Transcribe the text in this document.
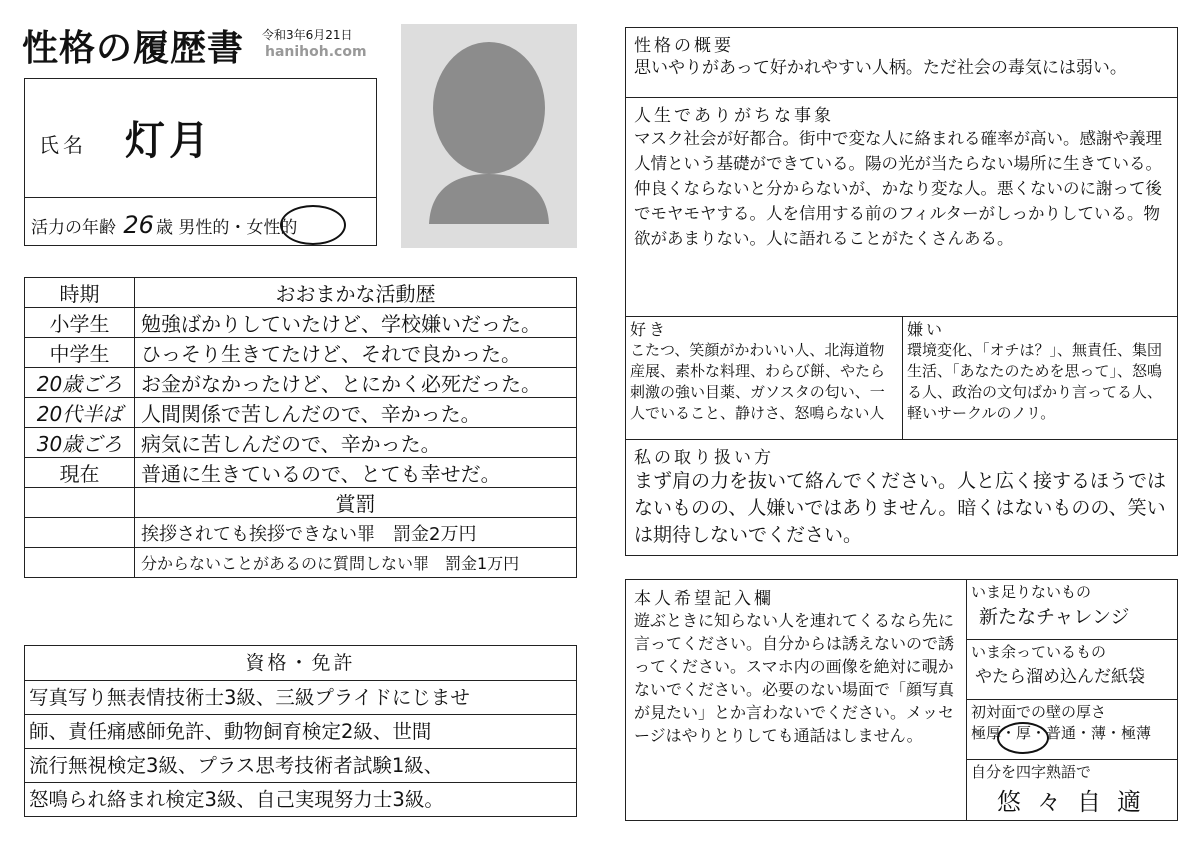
性格の履歴書 令和3年6月21日
hanihoh.com
氏名 灯月
活力の年齢 26 歳 男性的・女性的
時期	おおまかな活動歴
小学生	勉強ばかりしていたけど、学校嫌いだった。
中学生	ひっそり生きてたけど、それで良かった。
20歳ごろ	お金がなかったけど、とにかく必死だった。
20代半ば	人間関係で苦しんだので、辛かった。
30歳ごろ	病気に苦しんだので、辛かった。
現在	普通に生きているので、とても幸せだ。
	賞罰
	挨拶されても挨拶できない罪　罰金2万円
	分からないことがあるのに質問しない罪　罰金1万円
資格・免許
写真写り無表情技術士3級、三級プライドにじませ
師、責任痛感師免許、動物飼育検定2級、世間
流行無視検定3級、プラス思考技術者試験1級、
怒鳴られ絡まれ検定3級、自己実現努力士3級。
性格の概要
思いやりがあって好かれやすい人柄。ただ社会の毒気には弱い。
人生でありがちな事象
マスク社会が好都合。街中で変な人に絡まれる確率が高い。感謝や義理人情という基礎ができている。陽の光が当たらない場所に生きている。仲良くならないと分からないが、かなり変な人。悪くないのに謝って後でモヤモヤする。人を信用する前のフィルターがしっかりしている。物欲があまりない。人に語れることがたくさんある。
好き
こたつ、笑顔がかわいい人、北海道物産展、素朴な料理、わらび餅、やたら刺激の強い目薬、ガソスタの匂い、一人でいること、静けさ、怒鳴らない人
嫌い
環境変化、「オチは？」、無責任、集団生活、「あなたのためを思って」、怒鳴る人、政治の文句ばかり言ってる人、軽いサークルのノリ。
私の取り扱い方
まず肩の力を抜いて絡んでください。人と広く接するほうではないものの、人嫌いではありません。暗くはないものの、笑いは期待しないでください。
本人希望記入欄
遊ぶときに知らない人を連れてくるなら先に言ってください。自分からは誘えないので誘ってください。スマホ内の画像を絶対に覗かないでください。必要のない場面で「顔写真が見たい」とか言わないでください。メッセージはやりとりしても通話はしません。
いま足りないもの
新たなチャレンジ
いま余っているもの
やたら溜め込んだ紙袋
初対面での壁の厚さ
極厚・厚・普通・薄・極薄
自分を四字熟語で
悠々自適
